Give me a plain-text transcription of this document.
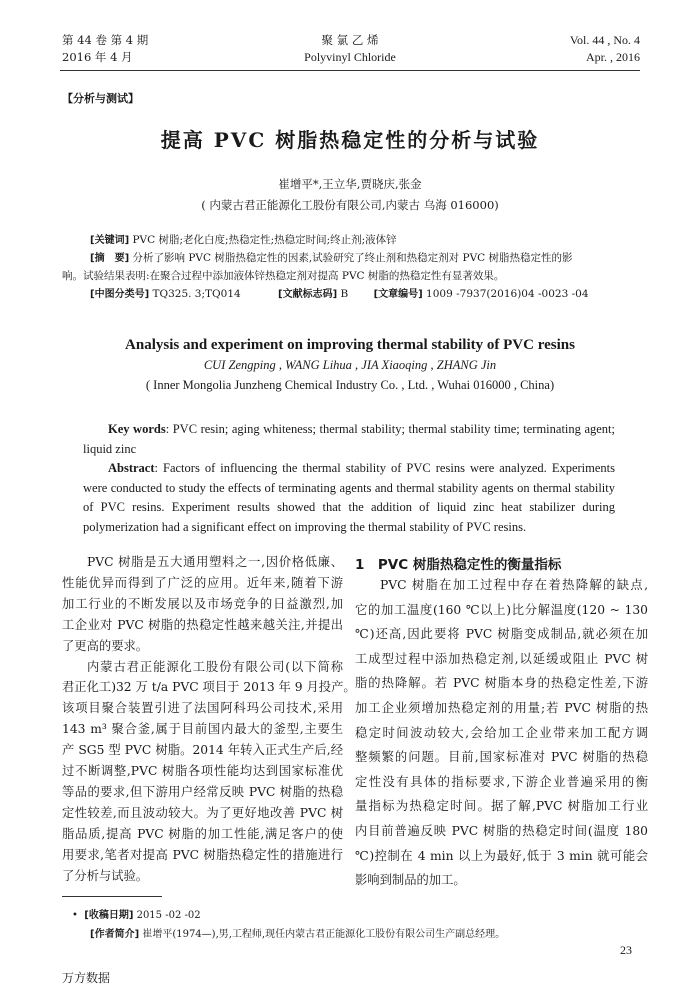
第 44 卷 第 4 期
2016 年 4 月
聚 氯 乙 烯
Polyvinyl Chloride
Vol. 44 , No. 4
Apr. , 2016
【分析与测试】
提高 PVC 树脂热稳定性的分析与试验
崔增平*,王立华,贾晓庆,张金
( 内蒙古君正能源化工股份有限公司,内蒙古 乌海 016000)
[关键词] PVC 树脂;老化白度;热稳定性;热稳定时间;终止剂;液体锌
[摘　要] 分析了影响 PVC 树脂热稳定性的因素,试验研究了终止剂和热稳定剂对 PVC 树脂热稳定性的影
响。试验结果表明:在聚合过程中添加液体锌热稳定剂对提高 PVC 树脂的热稳定性有显著效果。
[中图分类号] TQ325. 3;TQ014	[文献标志码] B	[文章编号] 1009 -7937(2016)04 -0023 -04
Analysis and experiment on improving thermal stability of PVC resins
CUI Zengping , WANG Lihua , JIA Xiaoqing , ZHANG Jin
( Inner Mongolia Junzheng Chemical Industry Co. , Ltd. , Wuhai 016000 , China)

Key words: PVC resin; aging whiteness; thermal stability; thermal stability time; terminating agent; liquid zinc

Abstract: Factors of influencing the thermal stability of PVC resins were analyzed. Experiments were conducted to study the effects of terminating agents and thermal stability agents on thermal stability of PVC resins. Experiment results showed that the addition of liquid zinc heat stabilizer during polymerization had a significant effect on improving the thermal stability of PVC resins.

PVC 树脂是五大通用塑料之一,因价格低廉、
性能优异而得到了广泛的应用。近年来,随着下游
加工行业的不断发展以及市场竞争的日益激烈,加
工企业对 PVC 树脂的热稳定性越来越关注,并提出
了更高的要求。
内蒙古君正能源化工股份有限公司(以下简称
君正化工)32 万 t/a PVC 项目于 2013 年 9 月投产。
该项目聚合装置引进了法国阿科玛公司技术,采用
143 m³ 聚合釜,属于目前国内最大的釜型,主要生
产 SG5 型 PVC 树脂。2014 年转入正式生产后,经
过不断调整,PVC 树脂各项性能均达到国家标准优
等品的要求,但下游用户经常反映 PVC 树脂的热稳
定性较差,而且波动较大。为了更好地改善 PVC 树
脂品质,提高 PVC 树脂的加工性能,满足客户的使
用要求,笔者对提高 PVC 树脂热稳定性的措施进行
了分析与试验。
1　PVC 树脂热稳定性的衡量指标
PVC 树脂在加工过程中存在着热降解的缺点,
它的加工温度(160 ℃以上)比分解温度(120 ~ 130
℃)还高,因此要将 PVC 树脂变成制品,就必须在加
工成型过程中添加热稳定剂,以延缓或阻止 PVC 树
脂的热降解。若 PVC 树脂本身的热稳定性差,下游
加工企业须增加热稳定剂的用量;若 PVC 树脂的热
稳定时间波动较大,会给加工企业带来加工配方调
整频繁的问题。目前,国家标准对 PVC 树脂的热稳
定性没有具体的指标要求,下游企业普遍采用的衡
量指标为热稳定时间。据了解,PVC 树脂加工行业
内目前普遍反映 PVC 树脂的热稳定时间(温度 180
℃)控制在 4 min 以上为最好,低于 3 min 就可能会
影响到制品的加工。
•  [收稿日期] 2015 -02 -02
[作者简介] 崔增平(1974—),男,工程师,现任内蒙古君正能源化工股份有限公司生产副总经理。
23
万方数据
